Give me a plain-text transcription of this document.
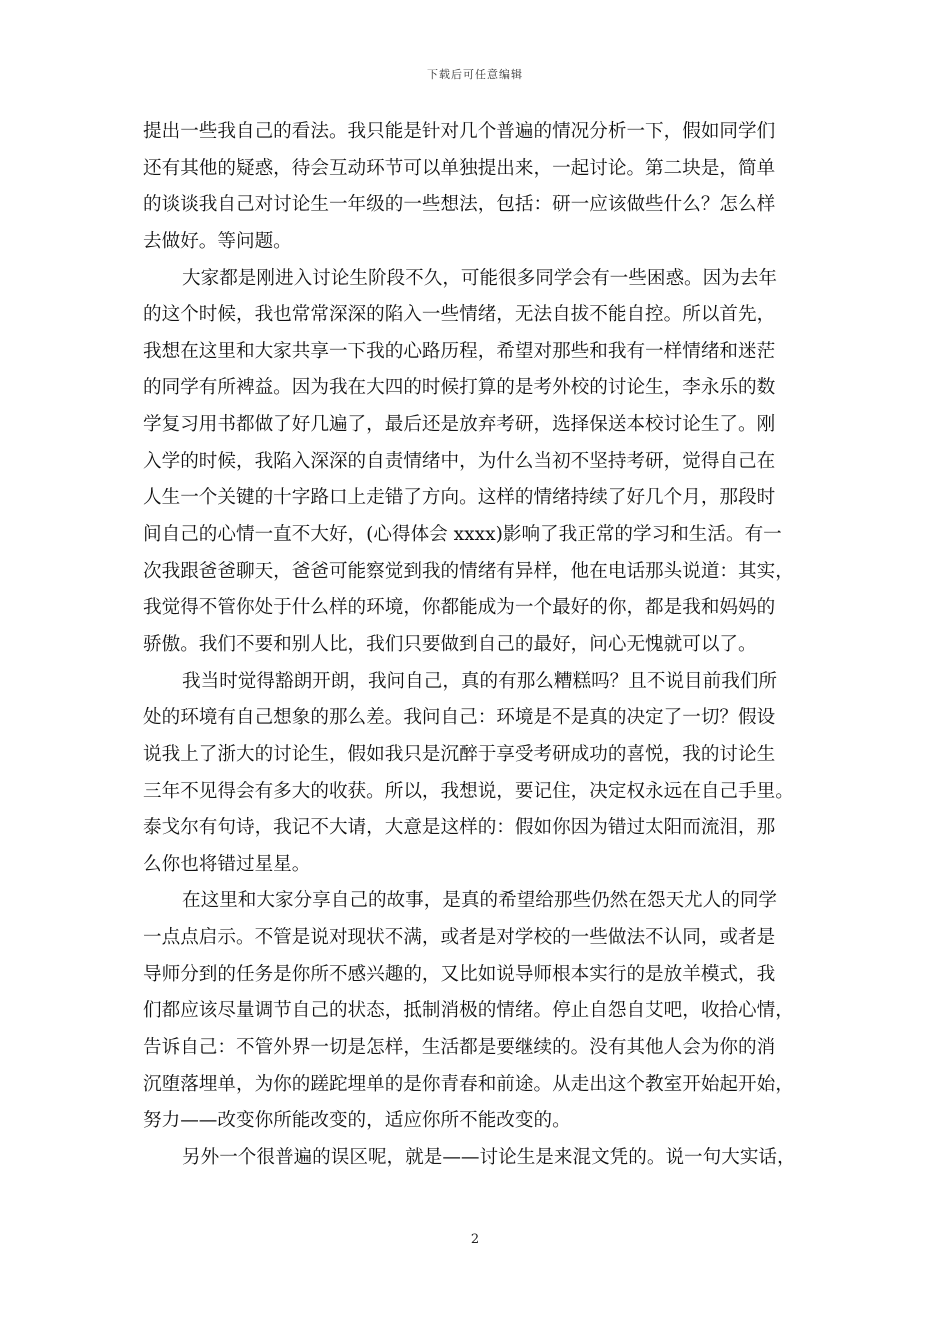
下载后可任意编辑
提出一些我自己的看法。我只能是针对几个普遍的情况分析一下，假如同学们
还有其他的疑惑，待会互动环节可以单独提出来，一起讨论。第二块是，简单
的谈谈我自己对讨论生一年级的一些想法，包括：研一应该做些什么？怎么样
去做好。等问题。
大家都是刚进入讨论生阶段不久，可能很多同学会有一些困惑。因为去年
的这个时候，我也常常深深的陷入一些情绪，无法自拔不能自控。所以首先，
我想在这里和大家共享一下我的心路历程，希望对那些和我有一样情绪和迷茫
的同学有所裨益。因为我在大四的时候打算的是考外校的讨论生，李永乐的数
学复习用书都做了好几遍了，最后还是放弃考研，选择保送本校讨论生了。刚
入学的时候，我陷入深深的自责情绪中，为什么当初不坚持考研，觉得自己在
人生一个关键的十字路口上走错了方向。这样的情绪持续了好几个月，那段时
间自己的心情一直不大好，(心得体会 xxxx)影响了我正常的学习和生活。有一
次我跟爸爸聊天，爸爸可能察觉到我的情绪有异样，他在电话那头说道：其实，
我觉得不管你处于什么样的环境，你都能成为一个最好的你，都是我和妈妈的
骄傲。我们不要和别人比，我们只要做到自己的最好，问心无愧就可以了。
我当时觉得豁朗开朗，我问自己，真的有那么糟糕吗？且不说目前我们所
处的环境有自己想象的那么差。我问自己：环境是不是真的决定了一切？假设
说我上了浙大的讨论生，假如我只是沉醉于享受考研成功的喜悦，我的讨论生
三年不见得会有多大的收获。所以，我想说，要记住，决定权永远在自己手里。
泰戈尔有句诗，我记不大请，大意是这样的：假如你因为错过太阳而流泪，那
么你也将错过星星。
在这里和大家分享自己的故事，是真的希望给那些仍然在怨天尤人的同学
一点点启示。不管是说对现状不满，或者是对学校的一些做法不认同，或者是
导师分到的任务是你所不感兴趣的，又比如说导师根本实行的是放羊模式，我
们都应该尽量调节自己的状态，抵制消极的情绪。停止自怨自艾吧，收拾心情，
告诉自己：不管外界一切是怎样，生活都是要继续的。没有其他人会为你的消
沉堕落埋单，为你的蹉跎埋单的是你青春和前途。从走出这个教室开始起开始，
努力——改变你所能改变的，适应你所不能改变的。
另外一个很普遍的误区呢，就是——讨论生是来混文凭的。说一句大实话，
2
